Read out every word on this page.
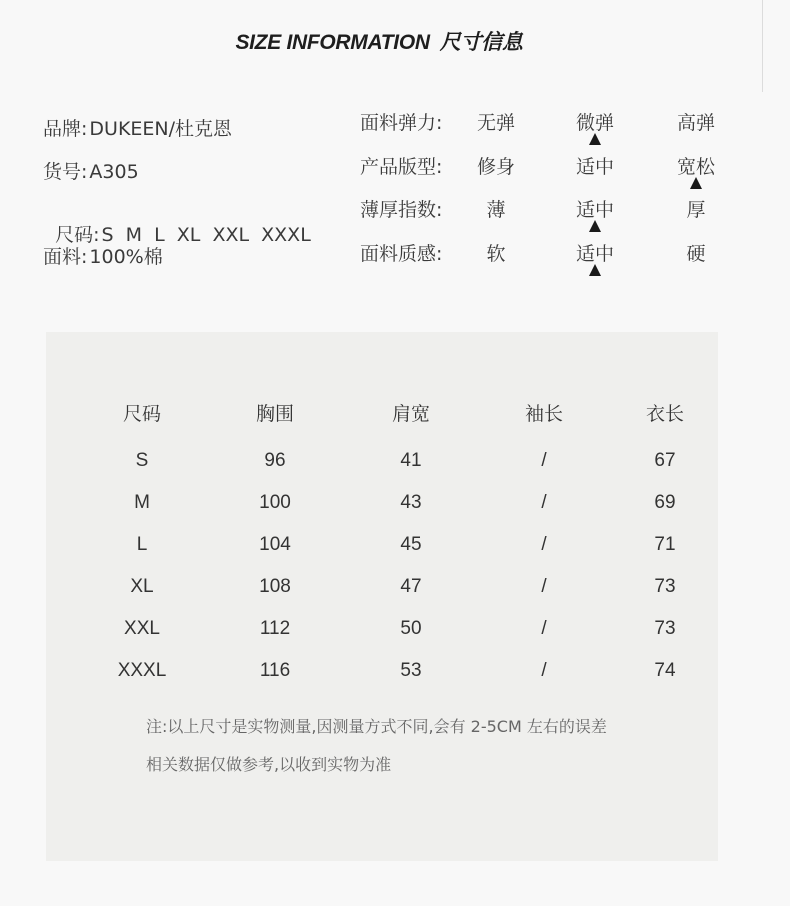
SIZE INFORMATION 尺寸信息
品牌: DUKEEN/杜克恩
货号: A305

尺码: S  M  L  XL  XXL  XXXL

面料: 100%棉
面料弹力:	无弹	微弹	高弹
产品版型:	修身	适中	宽松
薄厚指数:	薄	适中	厚
面料质感:	软	适中	硬
尺码	胸围	肩宽	袖长	衣长
S	96	41	/	67
M	100	43	/	69
L	104	45	/	71
XL	108	47	/	73
XXL	112	50	/	73
XXXL	116	53	/	74
注:以上尺寸是实物测量,因测量方式不同,会有 2-5CM 左右的误差
相关数据仅做参考,以收到实物为准
